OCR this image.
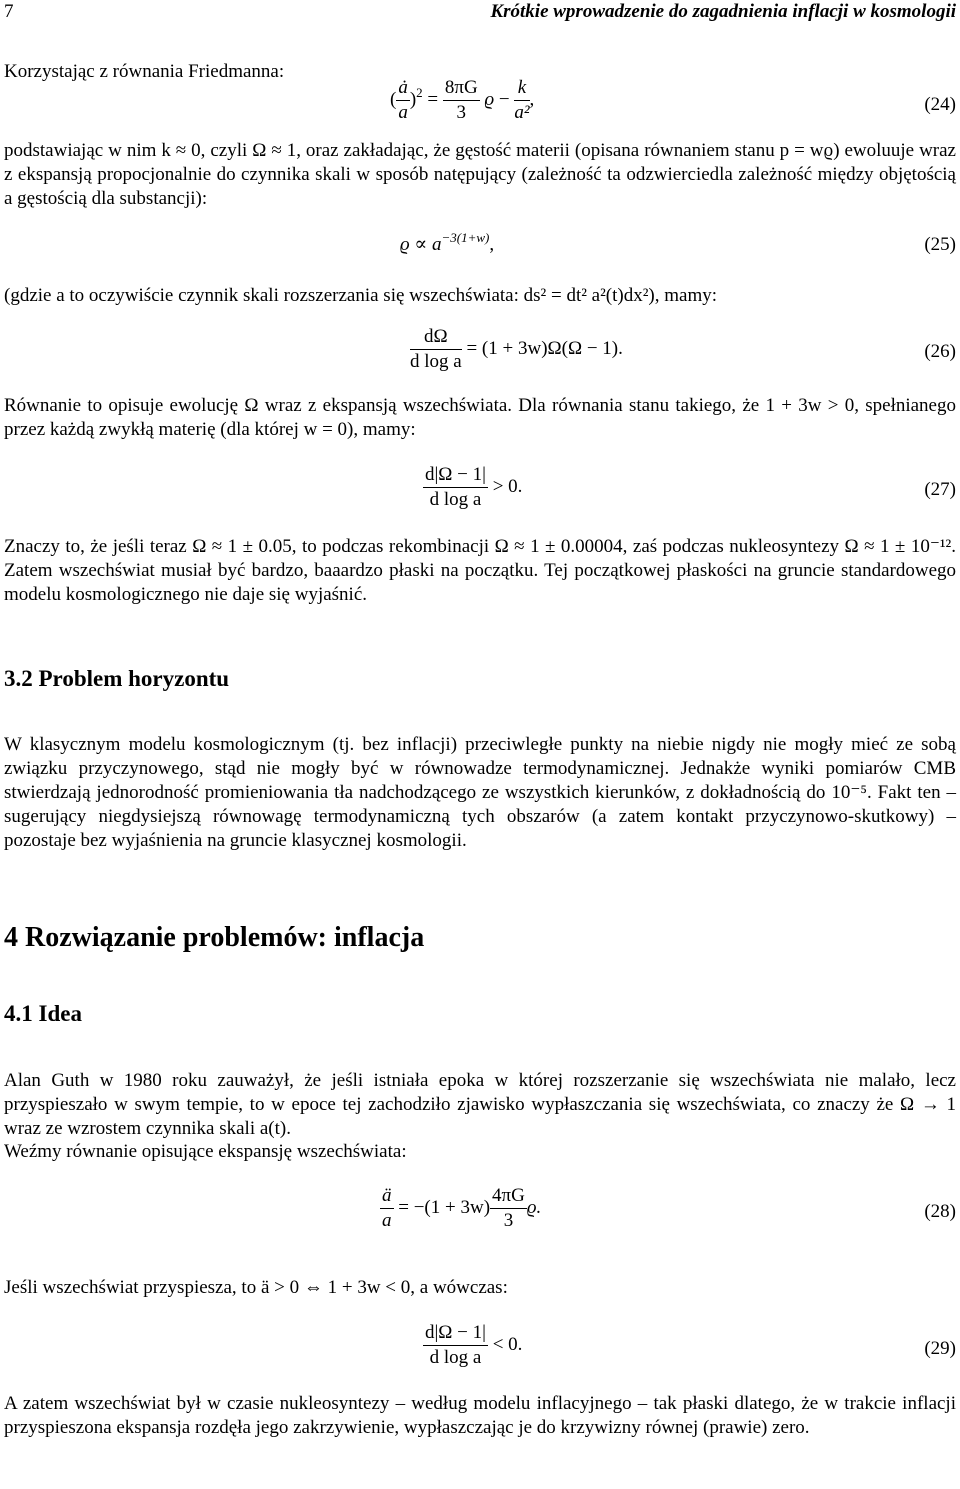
7	Krótkie wprowadzenie do zagadnienia inflacji w kosmologii
Korzystając z równania Friedmanna:
( $\frac{ȧ}{a} )^2 = \frac{8\pi G}{3}$ $ϱ - \frac{k}{\text{a²}}$ ,	(24)
podstawiając w nim k ≈ 0, czyli Ω ≈ 1, oraz zakładając, że gęstość materii (opisana równaniem stanu p = wϱ) ewoluuje wraz z ekspansją propocjonalnie do czynnika skali w sposób natępujący (zależność ta odzwierciedla zależność między objętością a gęstością dla substancji):
$ϱ \propto a^{-3(1+w)}$,	(25)
(gdzie a to oczywiście czynnik skali rozszerzania się wszechświata: ds² = dt² a²(t)dx²), mamy:
$\frac{d\Omega}{\text{d log a}} = (1 + 3w)\Omega(\Omega - 1)$.	(26)
Równanie to opisuje ewolucję Ω wraz z ekspansją wszechświata. Dla równania stanu takiego, że 1 + 3w > 0, spełnianego przez każdą zwykłą materię (dla której w = 0), mamy:
$\frac{d|\Omega - 1|}{\text{d log a}} > 0$.	(27)
Znaczy to, że jeśli teraz Ω ≈ 1 ± 0.05, to podczas rekombinacji Ω ≈ 1 ± 0.00004, zaś podczas nukleosyntezy Ω ≈ 1 ± 10⁻¹². Zatem wszechświat musiał być bardzo, baaardzo płaski na początku. Tej początkowej płaskości na gruncie standardowego modelu kosmologicznego nie daje się wyjaśnić.
3.2 Problem horyzontu
W klasycznym modelu kosmologicznym (tj. bez inflacji) przeciwległe punkty na niebie nigdy nie mogły mieć ze sobą związku przyczynowego, stąd nie mogły być w równowadze termodynamicznej. Jednakże wyniki pomiarów CMB stwierdzają jednorodność promieniowania tła nadchodzącego ze wszystkich kierunków, z dokładnością do 10⁻⁵. Fakt ten – sugerujący niegdysiejszą równowagę termodynamiczną tych obszarów (a zatem kontakt przyczynowo-skutkowy) – pozostaje bez wyjaśnienia na gruncie klasycznej kosmologii.
4 Rozwiązanie problemów: inflacja
4.1 Idea
Alan Guth w 1980 roku zauważył, że jeśli istniała epoka w której rozszerzanie się wszechświata nie malało, lecz przyspieszało w swym tempie, to w epoce tej zachodziło zjawisko wypłaszczania się wszechświata, co znaczy że Ω → 1 wraz ze wzrostem czynnika skali a(t).
Weźmy równanie opisujące ekspansję wszechświata:
$\frac{ä}{a} = -(1 + 3w) \frac{4\pi G}{3} ϱ$.	(28)
Jeśli wszechświat przyspiesza, to ä > 0 ⇔ 1 + 3w < 0, a wówczas:
$\frac{d|\Omega - 1|}{\text{d log a}} < 0$.	(29)
A zatem wszechświat był w czasie nukleosyntezy – według modelu inflacyjnego – tak płaski dlatego, że w trakcie inflacji przyspieszona ekspansja rozdęła jego zakrzywienie, wypłaszczając je do krzywizny równej (prawie) zero.
